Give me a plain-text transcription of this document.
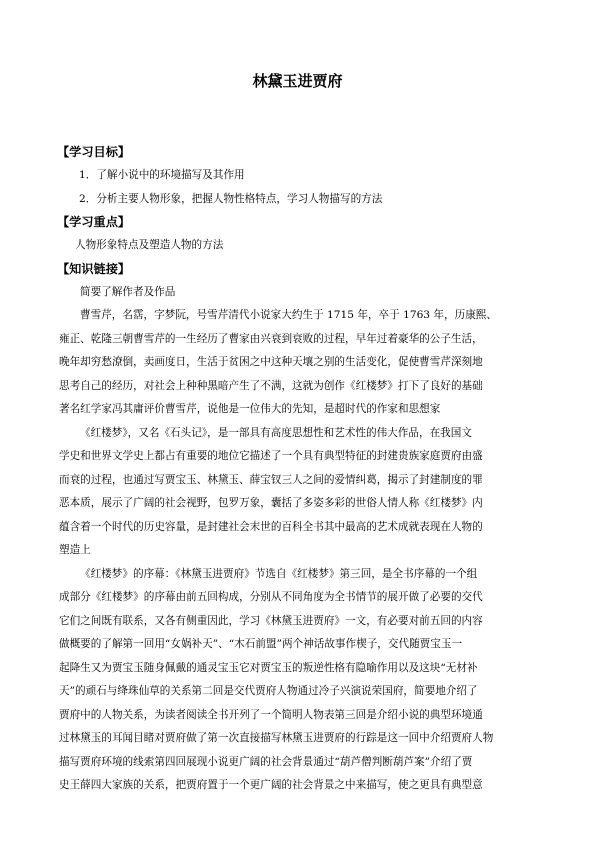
林黛玉进贾府
【学习目标】
1．了解小说中的环境描写及其作用
2．分析主要人物形象，把握人物性格特点，学习人物描写的方法
【学习重点】
人物形象特点及塑造人物的方法
【知识链接】
简要了解作者及作品
曹雪芹，名霑，字梦阮，号雪芹清代小说家大约生于 1715 年，卒于 1763 年，历康熙、
雍正、乾隆三朝曹雪芹的一生经历了曹家由兴衰到衰败的过程，早年过着豪华的公子生活，
晚年却穷愁潦倒，卖画度日，生活于贫困之中这种天壤之别的生活变化，促使曹雪芹深刻地
思考自己的经历，对社会上种种黑暗产生了不满，这就为创作《红楼梦》打下了良好的基础
著名红学家冯其庸评价曹雪芹，说他是一位伟大的先知，是超时代的作家和思想家
《红楼梦》，又名《石头记》，是一部具有高度思想性和艺术性的伟大作品，在我国文
学史和世界文学史上都占有重要的地位它描述了一个具有典型特征的封建贵族家庭贾府由盛
而衰的过程，也通过写贾宝玉、林黛玉、薛宝钗三人之间的爱情纠葛，揭示了封建制度的罪
恶本质，展示了广阔的社会视野，包罗万象，囊括了多姿多彩的世俗人情人称《红楼梦》内
蕴含着一个时代的历史容量，是封建社会末世的百科全书其中最高的艺术成就表现在人物的
塑造上
《红楼梦》的序幕：《林黛玉进贾府》节选自《红楼梦》第三回，是全书序幕的一个组
成部分《红楼梦》的序幕由前五回构成，分别从不同角度为全书情节的展开做了必要的交代
它们之间既有联系，又各有侧重因此，学习《林黛玉进贾府》一文，有必要对前五回的内容
做概要的了解第一回用“女娲补天”、“木石前盟”两个神话故事作楔子，交代随贾宝玉一
起降生又为贾宝玉随身佩戴的通灵宝玉它对贾宝玉的叛逆性格有隐喻作用以及这块“无材补
天”的顽石与绛珠仙草的关系第二回是交代贾府人物通过冷子兴演说荣国府，简要地介绍了
贾府中的人物关系，为读者阅读全书开列了一个简明人物表第三回是介绍小说的典型环境通
过林黛玉的耳闻目睹对贾府做了第一次直接描写林黛玉进贾府的行踪是这一回中介绍贾府人物
描写贾府环境的线索第四回展现小说更广阔的社会背景通过“葫芦僧判断葫芦案”介绍了贾
史王薛四大家族的关系，把贾府置于一个更广阔的社会背景之中来描写，使之更具有典型意
